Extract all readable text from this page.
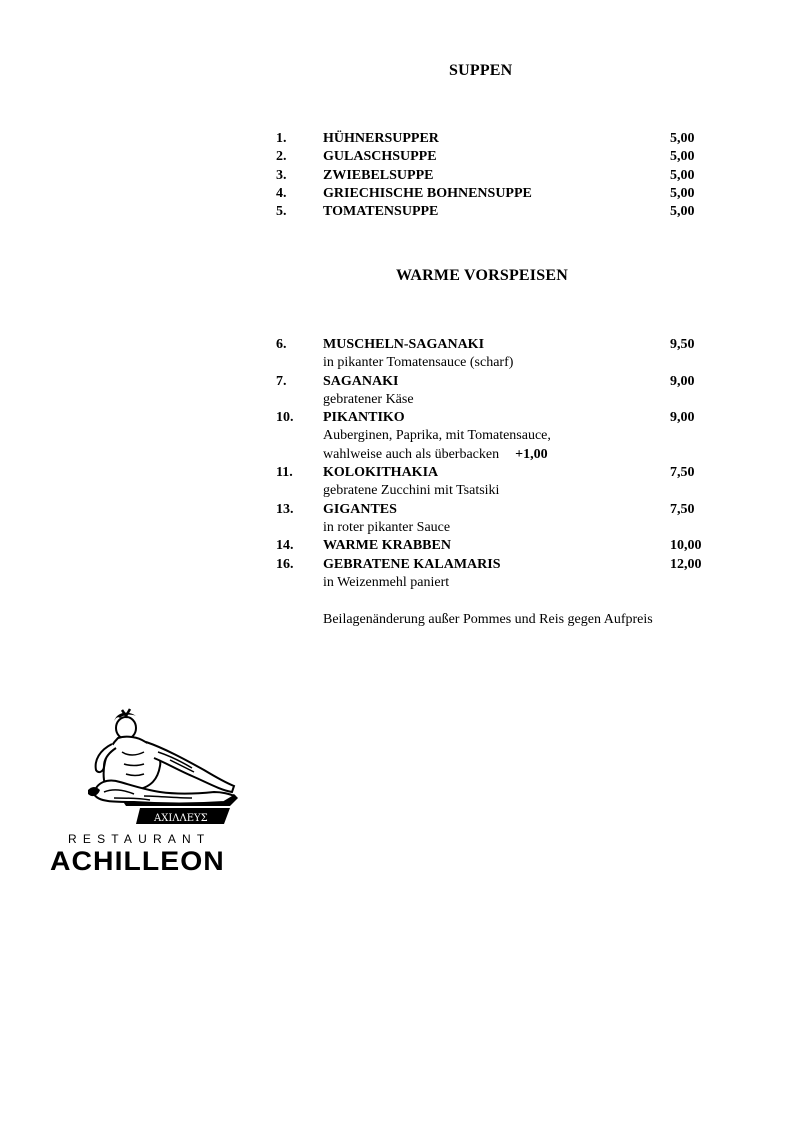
SUPPEN
1.	HÜHNERSUPPER	5,00
2.	GULASCHSUPPE	5,00
3.	ZWIEBELSUPPE	5,00
4.	GRIECHISCHE BOHNENSUPPE	5,00
5.	TOMATENSUPPE	5,00
WARME VORSPEISEN
6.	MUSCHELN-SAGANAKI	9,50
in pikanter Tomatensauce (scharf)
7.	SAGANAKI	9,00
gebratener Käse
10. PIKANTIKO	9,00
Auberginen, Paprika, mit Tomatensauce,
wahlweise auch als überbacken +1,00
11. KOLOKITHAKIA	7,50
gebratene Zucchini mit Tsatsiki
13. GIGANTES	7,50
in roter pikanter Sauce
14. WARME KRABBEN	10,00
16. GEBRATENE KALAMARIS	12,00
in Weizenmehl paniert
Beilagenänderung außer Pommes und Reis gegen Aufpreis
ΑΧΙΛΛΕΥΣ
RESTAURANT
ACHILLEON
